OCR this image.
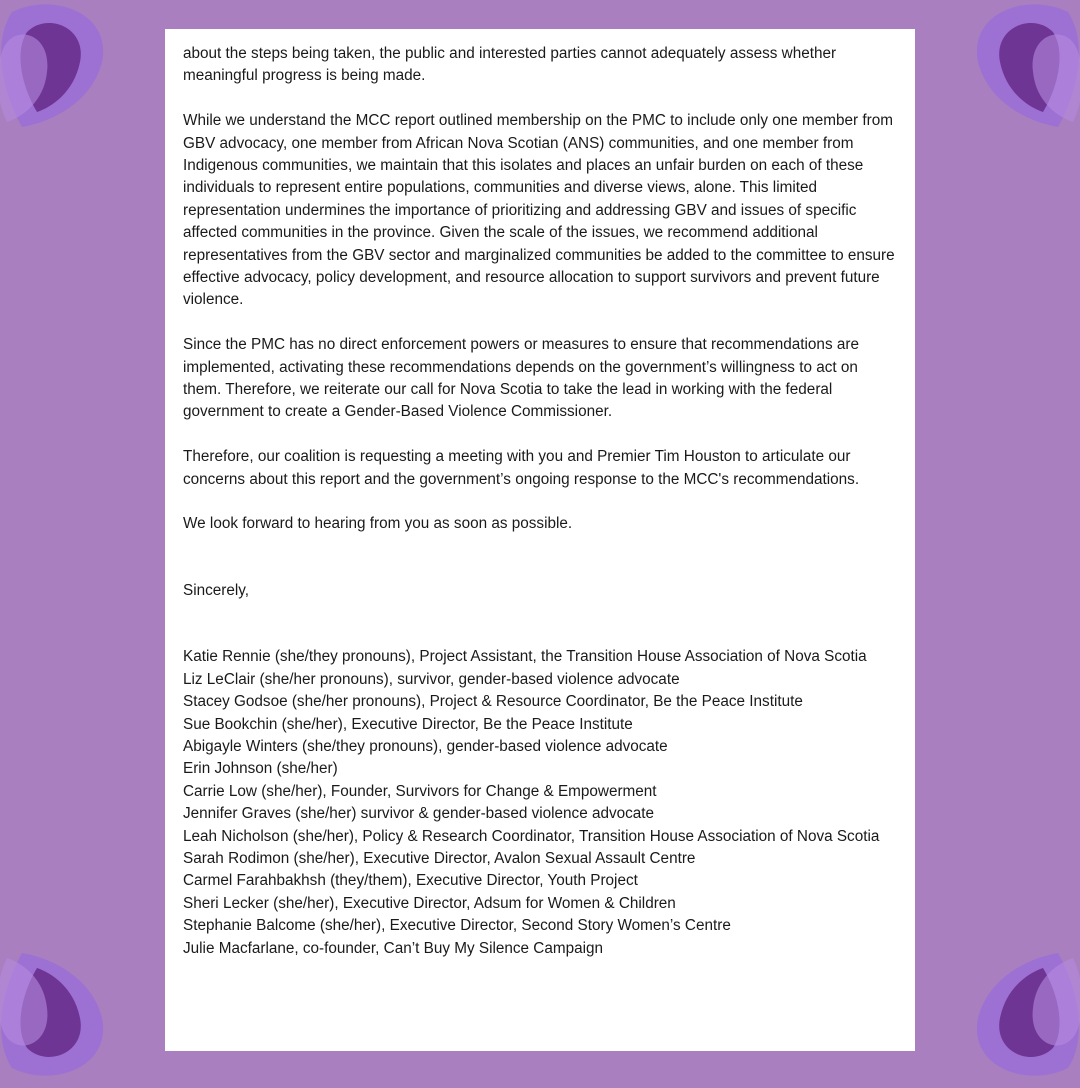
about the steps being taken, the public and interested parties cannot adequately assess whether meaningful progress is being made.

While we understand the MCC report outlined membership on the PMC to include only one member from GBV advocacy, one member from African Nova Scotian (ANS) communities, and one member from Indigenous communities, we maintain that this isolates and places an unfair burden on each of these individuals to represent entire populations, communities and diverse views, alone. This limited representation undermines the importance of prioritizing and addressing GBV and issues of specific affected communities in the province. Given the scale of the issues, we recommend additional representatives from the GBV sector and marginalized communities be added to the committee to ensure effective advocacy, policy development, and resource allocation to support survivors and prevent future violence.

Since the PMC has no direct enforcement powers or measures to ensure that recommendations are implemented, activating these recommendations depends on the government’s willingness to act on them. Therefore, we reiterate our call for Nova Scotia to take the lead in working with the federal government to create a Gender-Based Violence Commissioner.

Therefore, our coalition is requesting a meeting with you and Premier Tim Houston to articulate our concerns about this report and the government’s ongoing response to the MCC's recommendations.

We look forward to hearing from you as soon as possible.

Sincerely,

Katie Rennie (she/they pronouns), Project Assistant, the Transition House Association of Nova Scotia
Liz LeClair (she/her pronouns), survivor, gender-based violence advocate
Stacey Godsoe (she/her pronouns), Project & Resource Coordinator, Be the Peace Institute
Sue Bookchin (she/her), Executive Director, Be the Peace Institute
Abigayle Winters (she/they pronouns), gender-based violence advocate
Erin Johnson (she/her)
Carrie Low (she/her), Founder, Survivors for Change & Empowerment
Jennifer Graves (she/her) survivor & gender-based violence advocate
Leah Nicholson (she/her), Policy & Research Coordinator, Transition House Association of Nova Scotia
Sarah Rodimon (she/her), Executive Director, Avalon Sexual Assault Centre
Carmel Farahbakhsh (they/them), Executive Director, Youth Project
Sheri Lecker (she/her), Executive Director, Adsum for Women & Children
Stephanie Balcome (she/her), Executive Director, Second Story Women’s Centre
Julie Macfarlane, co-founder, Can’t Buy My Silence Campaign
